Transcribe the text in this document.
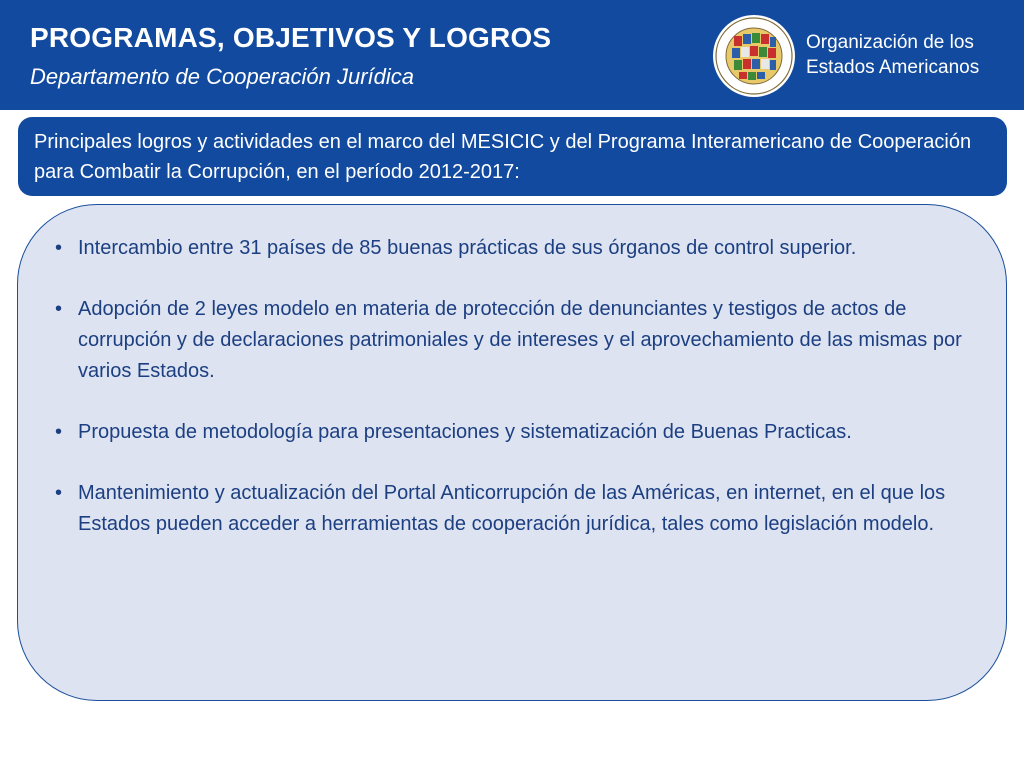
PROGRAMAS, OBJETIVOS Y LOGROS
Departamento de Cooperación Jurídica
Organización de los
Estados Americanos
Principales logros y actividades en el marco del MESICIC y del Programa Interamericano de Cooperación para Combatir la Corrupción, en el período 2012-2017:
• Intercambio entre 31 países de 85 buenas prácticas de sus órganos de control superior.
• Adopción de 2 leyes modelo en materia de protección de denunciantes y testigos de actos de corrupción y de declaraciones patrimoniales y de intereses y el aprovechamiento de las mismas por varios Estados.
• Propuesta de metodología para presentaciones y sistematización de Buenas Practicas.
• Mantenimiento y actualización del Portal Anticorrupción de las Américas, en internet, en el que los Estados pueden acceder a herramientas de cooperación jurídica, tales como legislación modelo.
